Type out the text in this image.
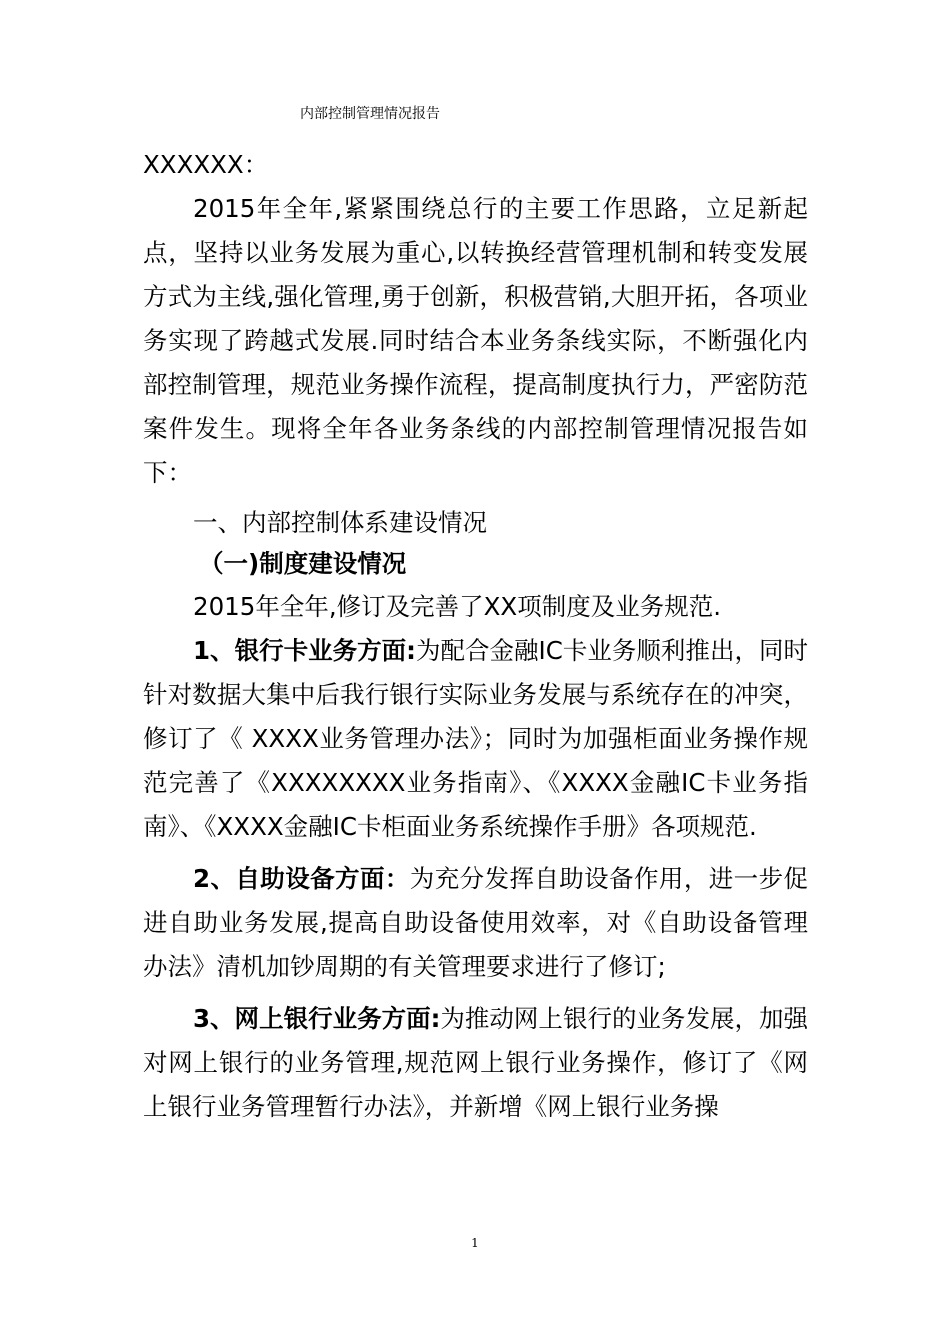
内部控制管理情况报告

XXXXXX：

2015年全年,紧紧围绕总行的主要工作思路，立足新起点，坚持以业务发展为重心,以转换经营管理机制和转变发展方式为主线,强化管理,勇于创新，积极营销,大胆开拓，各项业务实现了跨越式发展.同时结合本业务条线实际，不断强化内部控制管理，规范业务操作流程，提高制度执行力，严密防范案件发生。现将全年各业务条线的内部控制管理情况报告如下：

一、内部控制体系建设情况

（一)制度建设情况

2015年全年,修订及完善了XX项制度及业务规范.

1、银行卡业务方面:为配合金融IC卡业务顺利推出，同时针对数据大集中后我行银行实际业务发展与系统存在的冲突，修订了《 XXXX业务管理办法》；同时为加强柜面业务操作规范完善了《XXXXXXXX业务指南》、《XXXX金融IC卡业务指南》、《XXXX金融IC卡柜面业务系统操作手册》各项规范.

2、自助设备方面：为充分发挥自助设备作用，进一步促进自助业务发展,提高自助设备使用效率，对《自助设备管理办法》清机加钞周期的有关管理要求进行了修订;

3、网上银行业务方面:为推动网上银行的业务发展，加强对网上银行的业务管理,规范网上银行业务操作，修订了《网上银行业务管理暂行办法》，并新增《网上银行业务操

1
